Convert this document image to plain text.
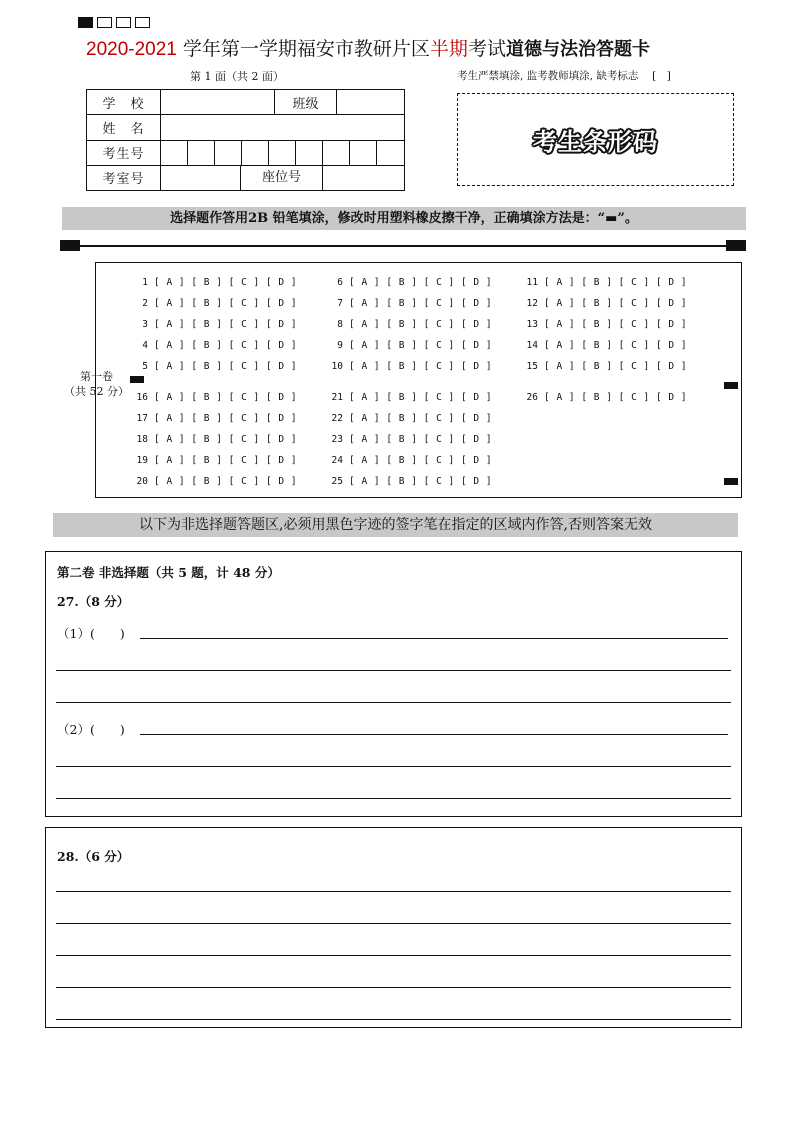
2020-2021 学年第一学期福安市教研片区半期考试道德与法治答题卡
第 1 面（共 2 面）	考生严禁填涂, 监考教师填涂, 缺考标志　 [　]
学　校		班级	
姓　名			
考生号			

考室号	座位号		
考生条形码
选择题作答用2B 铅笔填涂，修改时用塑料橡皮擦干净，正确填涂方法是：“▬”。
1 [ A ] [ B ] [ C ] [ D ]
2 [ A ] [ B ] [ C ] [ D ]
3 [ A ] [ B ] [ C ] [ D ]
4 [ A ] [ B ] [ C ] [ D ]
5 [ A ] [ B ] [ C ] [ D ]
16 [ A ] [ B ] [ C ] [ D ]
17 [ A ] [ B ] [ C ] [ D ]
18 [ A ] [ B ] [ C ] [ D ]
19 [ A ] [ B ] [ C ] [ D ]
20 [ A ] [ B ] [ C ] [ D ]
6 [ A ] [ B ] [ C ] [ D ]
7 [ A ] [ B ] [ C ] [ D ]
8 [ A ] [ B ] [ C ] [ D ]
9 [ A ] [ B ] [ C ] [ D ]
10 [ A ] [ B ] [ C ] [ D ]
21 [ A ] [ B ] [ C ] [ D ]
22 [ A ] [ B ] [ C ] [ D ]
23 [ A ] [ B ] [ C ] [ D ]
24 [ A ] [ B ] [ C ] [ D ]
25 [ A ] [ B ] [ C ] [ D ]
11 [ A ] [ B ] [ C ] [ D ]
12 [ A ] [ B ] [ C ] [ D ]
13 [ A ] [ B ] [ C ] [ D ]
14 [ A ] [ B ] [ C ] [ D ]
15 [ A ] [ B ] [ C ] [ D ]
26 [ A ] [ B ] [ C ] [ D ]
第一卷
（共 52 分）
以下为非选择题答题区,必须用黑色字迹的签字笔在指定的区域内作答,否则答案无效
第二卷 非选择题（共 5 题，计 48 分）
27.（8 分）
（1）(　　)
（2）(　　)
28.（6 分）
